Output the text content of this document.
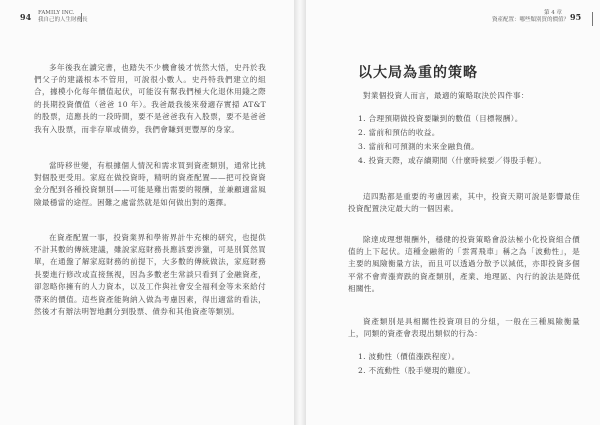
94 FAMILY INC.
我自己的人生財務長

多年後我在讀完書，也踏失不少機會後才恍然大悟，史丹於我們父子的建議根本不管用，可說很小數人。史丹特我們建立的組合，據模小化每年價值起伏，可能沒有幫我們極大化退休用錢之際的長期投資價值（爸爸 10 年）。我爸最我後來發適存實掃 AT&T 的股票，這應長的一段時間，要不是爸爸我有入股票，要不是爸爸我有入股票，而非存單或債券，我們會賺到更豐厚的身家。

當時移世變，有根據個人情況和需求買到資產類別，通常比挑對個股更受用。家庭在做投資時，精明的資產配置——把可投資資金分配到各種投資類別——可能是雞出需要的報酬，並兼顧適當風險最穩當的途徑。困難之處當然就是如何做出對的選擇。

在資產配置一事，投資業界和學術界計牛充棟的研究，也提供不計其數的傳統建議，雖說家庭財務長應該要涉獵，可是別質然買單，在通盤了解家庭財務的前提下，大多數的傳統做法，家庭財務長要進行修改或直接無視，因為多數老生常談只看到了金融資產，卻忽略你擁有的人力資本，以及工作與社會安全福利金等未來給付帶來的價值。這些資產能夠納入做為考慮因素，得出適當的看法，然後才有辦法明智地劃分到股票、債券和其他資產等類別。

第 4 章
資產配置：哪些類別買的價值？ 95
以大局為重的策略

對業個投資人而言，最適的策略取決於四件事：

1. 合理預期做投資要賺到的數值（目標報酬）。
2. 當前和預估的收益。
3. 當前和可預測的未來金融負債。
4. 投資天際，或存續期間（什麼時候要／得股手輕）。

這四點都是重要的考慮因素，其中，投資天期可說是影響最佳投資配置決定最大的一個因素。

除達成理想報酬外，穩健的投資策略會設法極小化投資組合價值的上下起伏。這種金融術的「雲霄飛車」稱之為「波動性」，是主要的風險衡量方法，而且可以透過分散予以減低，亦即投資多個平常不會齊漲齊跌的資產類別，產業、地理區、內行的說法是降低相關性。

資產類別是具相關性投資項目的分組，一般在三種風險衡量上，同類的資產會表現出類似的行為：

1. 波動性（價值漲跌程度）。
2. 不流動性（股手變現的難度）。
